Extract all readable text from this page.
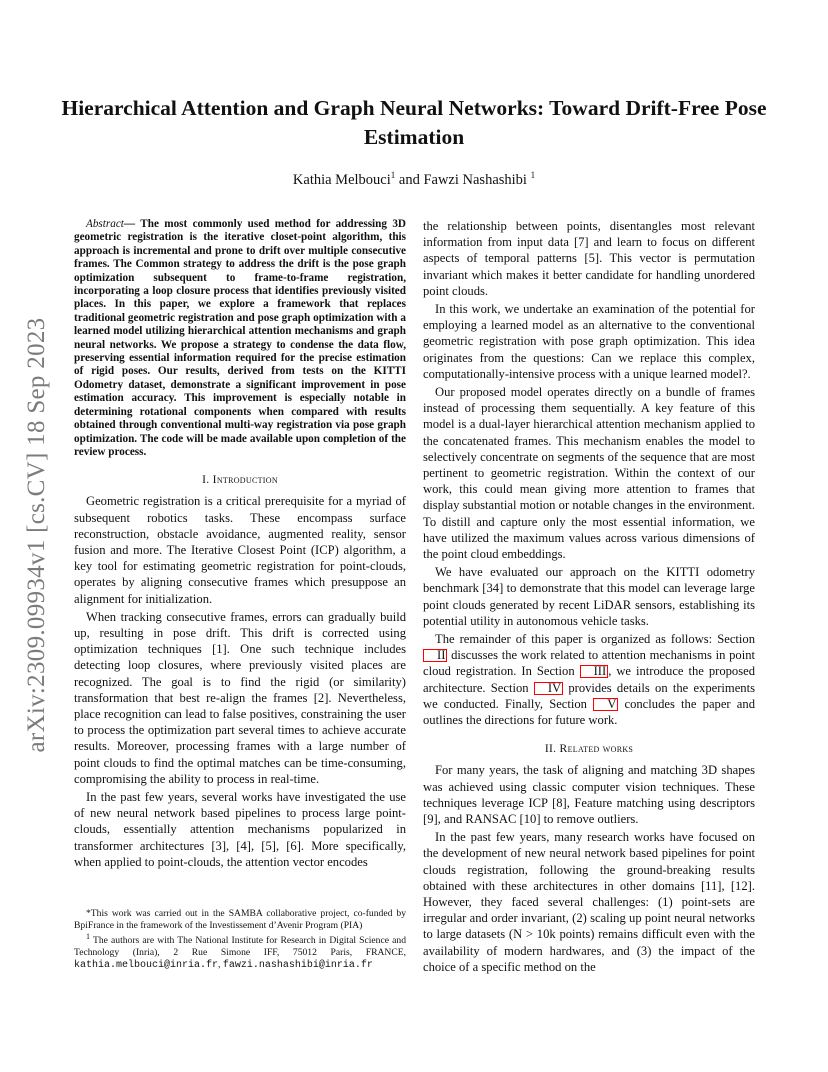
arXiv:2309.09934v1 [cs.CV] 18 Sep 2023
Hierarchical Attention and Graph Neural Networks: Toward Drift-Free Pose Estimation
Kathia Melbouci$^1$ and Fawzi Nashashibi $^1$

Abstract— The most commonly used method for addressing 3D geometric registration is the iterative closet-point algorithm, this approach is incremental and prone to drift over multiple consecutive frames. The Common strategy to address the drift is the pose graph optimization subsequent to frame-to-frame registration, incorporating a loop closure process that identifies previously visited places. In this paper, we explore a framework that replaces traditional geometric registration and pose graph optimization with a learned model utilizing hierarchical attention mechanisms and graph neural networks. We propose a strategy to condense the data flow, preserving essential information required for the precise estimation of rigid poses. Our results, derived from tests on the KITTI Odometry dataset, demonstrate a significant improvement in pose estimation accuracy. This improvement is especially notable in determining rotational components when compared with results obtained through conventional multi-way registration via pose graph optimization. The code will be made available upon completion of the review process.

I. Introduction

Geometric registration is a critical prerequisite for a myriad of subsequent robotics tasks. These encompass surface reconstruction, obstacle avoidance, augmented reality, sensor fusion and more. The Iterative Closest Point (ICP) algorithm, a key tool for estimating geometric registration for point-clouds, operates by aligning consecutive frames which presuppose an alignment for initialization.

When tracking consecutive frames, errors can gradually build up, resulting in pose drift. This drift is corrected using optimization techniques [1]. One such technique includes detecting loop closures, where previously visited places are recognized. The goal is to find the rigid (or similarity) transformation that best re-align the frames [2]. Nevertheless, place recognition can lead to false positives, constraining the user to process the optimization part several times to achieve accurate results. Moreover, processing frames with a large number of point clouds to find the optimal matches can be time-consuming, compromising the ability to process in real-time.

In the past few years, several works have investigated the use of new neural network based pipelines to process large point-clouds, essentially attention mechanisms popularized in transformer architectures [3], [4], [5], [6]. More specifically, when applied to point-clouds, the attention vector encodes

*This work was carried out in the SAMBA collaborative project, co-funded by BpiFrance in the framework of the Investissement d’Avenir Program (PIA)

$^1$ The authors are with The National Institute for Research in Digital Science and Technology (Inria), 2 Rue Simone IFF, 75012 Paris, FRANCE, kathia.melbouci@inria.fr, fawzi.nashashibi@inria.fr

the relationship between points, disentangles most relevant information from input data [7] and learn to focus on different aspects of temporal patterns [5]. This vector is permutation invariant which makes it better candidate for handling unordered point clouds.

In this work, we undertake an examination of the potential for employing a learned model as an alternative to the conventional geometric registration with pose graph optimization. This idea originates from the questions: Can we replace this complex, computationally-intensive process with a unique learned model?.

Our proposed model operates directly on a bundle of frames instead of processing them sequentially. A key feature of this model is a dual-layer hierarchical attention mechanism applied to the concatenated frames. This mechanism enables the model to selectively concentrate on segments of the sequence that are most pertinent to geometric registration. Within the context of our work, this could mean giving more attention to frames that display substantial motion or notable changes in the environment. To distill and capture only the most essential information, we have utilized the maximum values across various dimensions of the point cloud embeddings.

We have evaluated our approach on the KITTI odometry benchmark [34] to demonstrate that this model can leverage large point clouds generated by recent LiDAR sensors, establishing its potential utility in autonomous vehicle tasks.

The remainder of this paper is organized as follows: Section II discusses the work related to attention mechanisms in point cloud registration. In Section III , we introduce the proposed architecture. Section IV provides details on the experiments we conducted. Finally, Section V concludes the paper and outlines the directions for future work.

II. Related works

For many years, the task of aligning and matching 3D shapes was achieved using classic computer vision techniques. These techniques leverage ICP [8], Feature matching using descriptors [9], and RANSAC [10] to remove outliers.

In the past few years, many research works have focused on the development of new neural network based pipelines for point clouds registration, following the ground-breaking results obtained with these architectures in other domains [11], [12]. However, they faced several challenges: (1) point-sets are irregular and order invariant, (2) scaling up point neural networks to large datasets (N > 10k points) remains difficult even with the availability of modern hardwares, and (3) the impact of the choice of a specific method on the
